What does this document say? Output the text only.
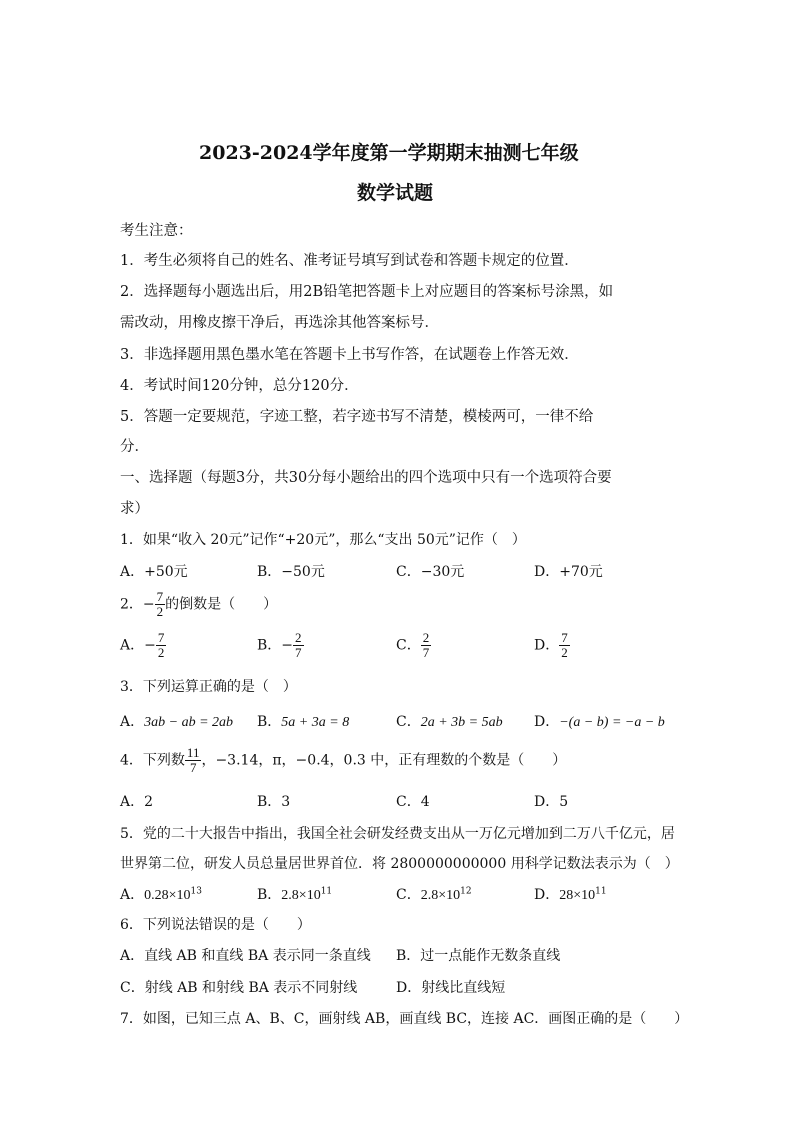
2023-2024学年度第一学期期末抽测七年级
数学试题
考生注意：
1．考生必须将自己的姓名、准考证号填写到试卷和答题卡规定的位置．
2．选择题每小题选出后，用2B铅笔把答题卡上对应题目的答案标号涂黑，如
需改动，用橡皮擦干净后，再选涂其他答案标号．
3．非选择题用黑色墨水笔在答题卡上书写作答，在试题卷上作答无效．
4．考试时间120分钟，总分120分．
5．答题一定要规范，字迹工整，若字迹书写不清楚，模棱两可，一律不给
分．
一、选择题（每题3分，共30分每小题给出的四个选项中只有一个选项符合要
求）
1．如果“收入 20元”记作“+20元”，那么“支出 50元”记作（　）
A．+50元	B．−50元	C．−30元	D．+70元
2．− $\frac{7}{2}$ 的倒数是（　　）
A．− $\frac{7}{2}$	B．− $\frac{2}{7}$	C． $\frac{2}{7}$	D． $\frac{7}{2}$
3．下列运算正确的是（　）
A．3ab − ab = 2ab B．5a + 3a = 8	C．2a + 3b = 5ab D．−(a − b) = −a − b
4．下列数 $\frac{11}{7}$ ，−3.14，π，−0.4，0.3 中，正有理数的个数是（　　）
A．2	B．3	C．4	D．5
5．党的二十大报告中指出，我国全社会研发经费支出从一万亿元增加到二万八千亿元，居
世界第二位，研发人员总量居世界首位．将 2800000000000 用科学记数法表示为（　）
A．$0.28\times 10^{13}$	B．$2.8\times 10^{11}$	C．$2.8\times 10^{12}$	D．$28\times 10^{11}$
6．下列说法错误的是（　　）
A．直线 AB 和直线 BA 表示同一条直线 B．过一点能作无数条直线
C．射线 AB 和射线 BA 表示不同射线	D．射线比直线短
7．如图，已知三点 A、B、C，画射线 AB，画直线 BC，连接 AC．画图正确的是（　　）
